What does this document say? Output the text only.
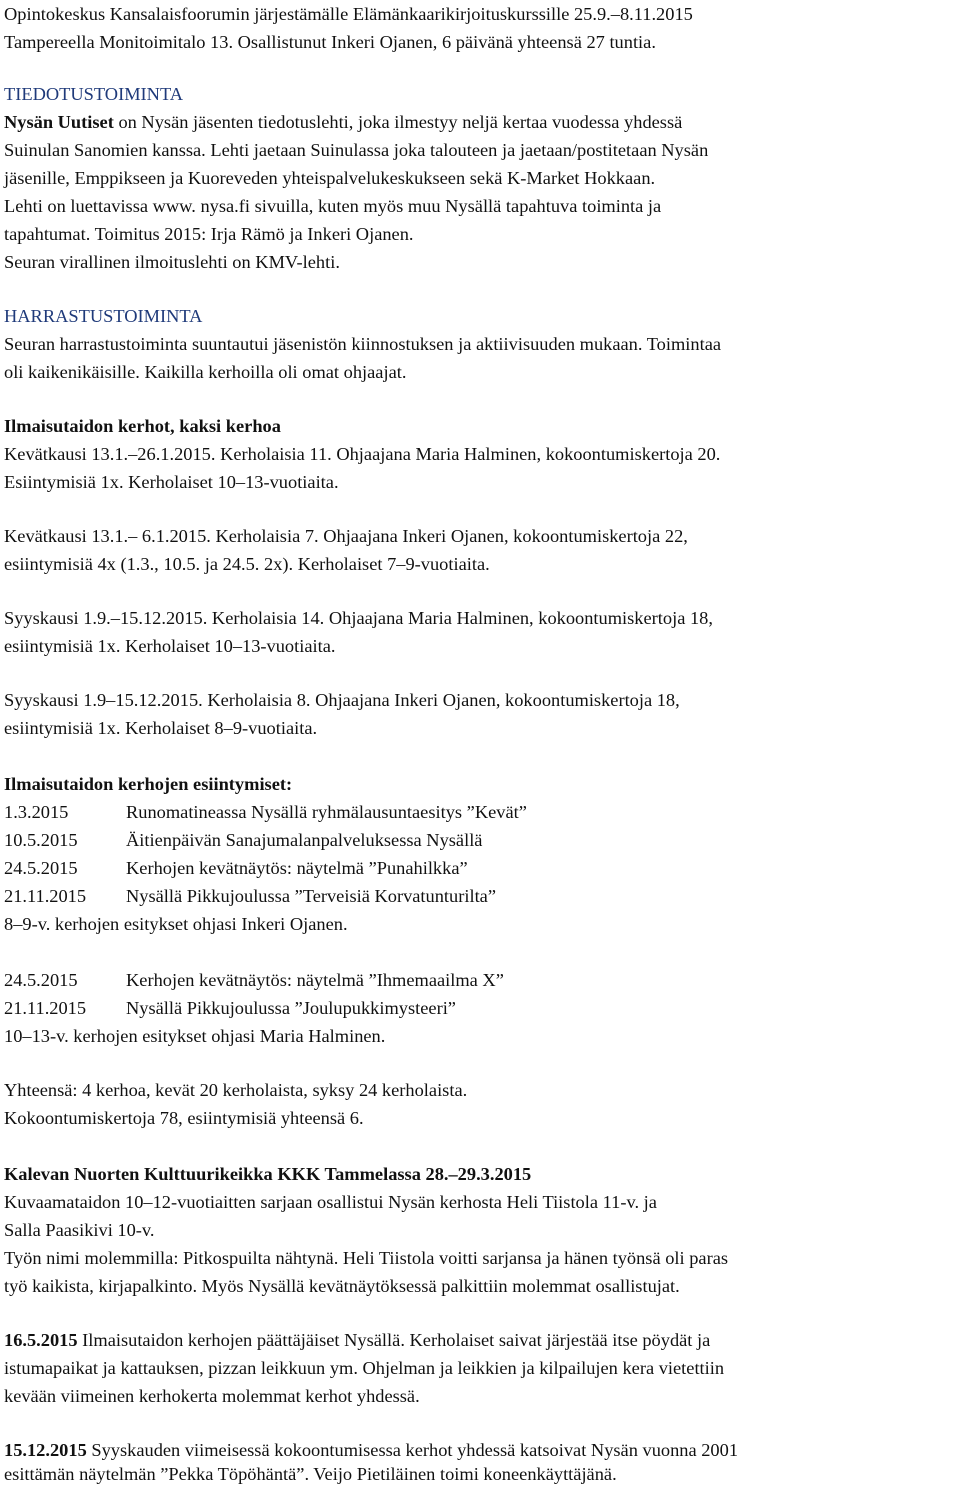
Opintokeskus Kansalaisfoorumin järjestämälle Elämänkaarikirjoituskurssille 25.9.–8.11.2015
Tampereella Monitoimitalo 13. Osallistunut Inkeri Ojanen, 6 päivänä yhteensä 27 tuntia.
TIEDOTUSTOIMINTA
Nysän Uutiset on Nysän jäsenten tiedotuslehti, joka ilmestyy neljä kertaa vuodessa yhdessä
Suinulan Sanomien kanssa. Lehti jaetaan Suinulassa joka talouteen ja jaetaan/postitetaan Nysän
jäsenille, Emppikseen ja Kuoreveden yhteispalvelukeskukseen sekä K-Market Hokkaan.
Lehti on luettavissa www. nysa.fi sivuilla, kuten myös muu Nysällä tapahtuva toiminta ja
tapahtumat. Toimitus 2015: Irja Rämö ja Inkeri Ojanen.
Seuran virallinen ilmoituslehti on KMV-lehti.
HARRASTUSTOIMINTA
Seuran harrastustoiminta suuntautui jäsenistön kiinnostuksen ja aktiivisuuden mukaan. Toimintaa
oli kaikenikäisille. Kaikilla kerhoilla oli omat ohjaajat.
Ilmaisutaidon kerhot, kaksi kerhoa
Kevätkausi 13.1.–26.1.2015. Kerholaisia 11. Ohjaajana Maria Halminen, kokoontumiskertoja 20.
Esiintymisiä 1x. Kerholaiset 10–13-vuotiaita.
Kevätkausi 13.1.– 6.1.2015. Kerholaisia 7. Ohjaajana Inkeri Ojanen, kokoontumiskertoja 22,
esiintymisiä 4x (1.3., 10.5. ja 24.5. 2x). Kerholaiset 7–9-vuotiaita.
Syyskausi 1.9.–15.12.2015. Kerholaisia 14. Ohjaajana Maria Halminen, kokoontumiskertoja 18,
esiintymisiä 1x. Kerholaiset 10–13-vuotiaita.
Syyskausi 1.9–15.12.2015. Kerholaisia 8. Ohjaajana Inkeri Ojanen, kokoontumiskertoja 18,
esiintymisiä 1x. Kerholaiset 8–9-vuotiaita.
Ilmaisutaidon kerhojen esiintymiset:
1.3.2015	Runomatineassa Nysällä ryhmälausuntaesitys ”Kevät”
10.5.2015	Äitienpäivän Sanajumalanpalveluksessa Nysällä
24.5.2015	Kerhojen kevätnäytös: näytelmä ”Punahilkka”
21.11.2015 Nysällä Pikkujoulussa ”Terveisiä Korvatunturilta”
8–9-v. kerhojen esitykset ohjasi Inkeri Ojanen.
24.5.2015	Kerhojen kevätnäytös: näytelmä ”Ihmemaailma X”
21.11.2015 Nysällä Pikkujoulussa ”Joulupukkimysteeri”
10–13-v. kerhojen esitykset ohjasi Maria Halminen.
Yhteensä: 4 kerhoa, kevät 20 kerholaista, syksy 24 kerholaista.
Kokoontumiskertoja 78, esiintymisiä yhteensä 6.
Kalevan Nuorten Kulttuurikeikka KKK Tammelassa 28.–29.3.2015
Kuvaamataidon 10–12-vuotiaitten sarjaan osallistui Nysän kerhosta Heli Tiistola 11-v. ja
Salla Paasikivi 10-v.
Työn nimi molemmilla: Pitkospuilta nähtynä. Heli Tiistola voitti sarjansa ja hänen työnsä oli paras
työ kaikista, kirjapalkinto. Myös Nysällä kevätnäytöksessä palkittiin molemmat osallistujat.
16.5.2015 Ilmaisutaidon kerhojen päättäjäiset Nysällä. Kerholaiset saivat järjestää itse pöydät ja
istumapaikat ja kattauksen, pizzan leikkuun ym. Ohjelman ja leikkien ja kilpailujen kera vietettiin
kevään viimeinen kerhokerta molemmat kerhot yhdessä.
15.12.2015 Syyskauden viimeisessä kokoontumisessa kerhot yhdessä katsoivat Nysän vuonna 2001
esittämän näytelmän ”Pekka Töpöhäntä”. Veijo Pietiläinen toimi koneenkäyttäjänä.
